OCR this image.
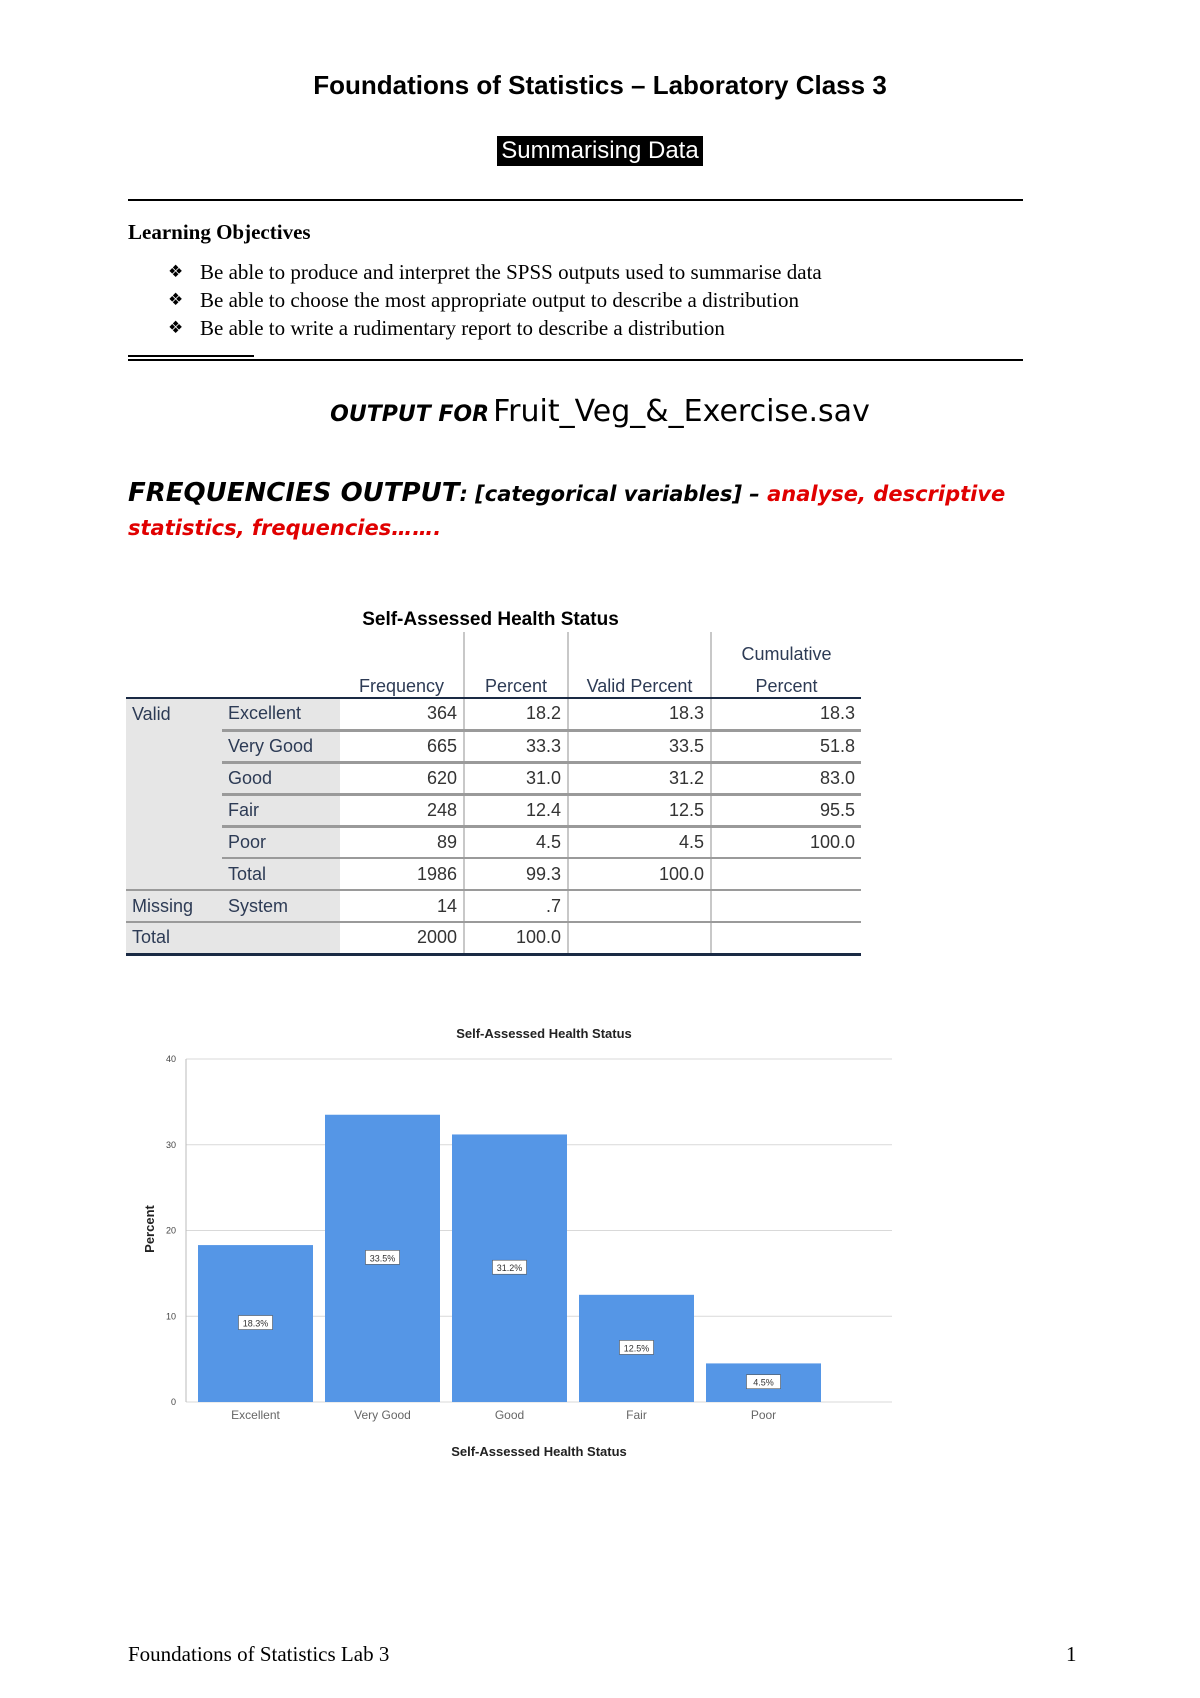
Foundations of Statistics – Laboratory Class 3
Summarising Data
Learning Objectives
❖ Be able to produce and interpret the SPSS outputs used to summarise data
❖ Be able to choose the most appropriate output to describe a distribution
❖ Be able to write a rudimentary report to describe a distribution
OUTPUT FOR Fruit_Veg_&_Exercise.sav
FREQUENCIES OUTPUT: [categorical variables] – analyse, descriptive
statistics, frequencies…….
Self-Assessed Health Status
					Cumulative
		Frequency	Percent	Valid Percent	Percent
Valid	Excellent	364	18.2	18.3	18.3
	Very Good	665	33.3	33.5	51.8
	Good	620	31.0	31.2	83.0
	Fair	248	12.4	12.5	95.5
	Poor	89	4.5	4.5	100.0
	Total	1986	99.3	100.0	
Missing	System	14	.7		
Total		2000	100.0		
18.3%
33.5%
31.2%
12.5%
4.5%
0
10
20
30
40
Excellent	Very Good	Good	Fair	Poor
Self-Assessed Health Status
Self-Assessed Health Status
Percent
Foundations of Statistics Lab 3	1
